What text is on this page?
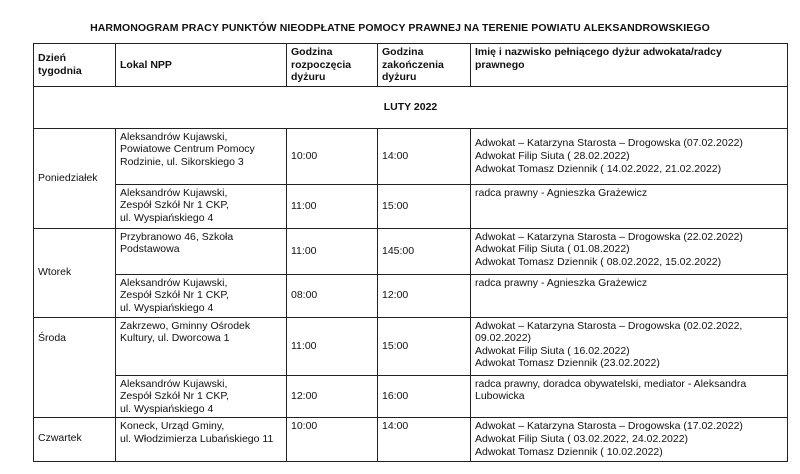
HARMONOGRAM PRACY PUNKTÓW NIEODPŁATNE POMOCY PRAWNEJ NA TERENIE POWIATU ALEKSANDROWSKIEGO
Dzień
tygodnia	Lokal NPP	Godzina
rozpoczęcia
dyżuru	Godzina
zakończenia
dyżuru	Imię i nazwisko pełniącego dyżur adwokata/radcy
prawnego

LUTY 2022				
Poniedziałek	Aleksandrów Kujawski,
Powiatowe Centrum Pomocy
Rodzinie, ul. Sikorskiego 3	10:00	14:00	Adwokat – Katarzyna Starosta – Drogowska (07.02.2022)
Adwokat Filip Siuta ( 28.02.2022)
Adwokat Tomasz Dziennik ( 14.02.2022, 21.02.2022)

	Aleksandrów Kujawski,
Zespół Szkół Nr 1 CKP,
ul. Wyspiańskiego 4	11:00	15:00	radca prawny - Agnieszka Grażewicz

Wtorek	Przybranowo 46, Szkoła
Podstawowa	11:00	145:00	Adwokat – Katarzyna Starosta – Drogowska (22.02.2022)
Adwokat Filip Siuta ( 01.08.2022)
Adwokat Tomasz Dziennik ( 08.02.2022, 15.02.2022)

	Aleksandrów Kujawski,
Zespół Szkół Nr 1 CKP,
ul. Wyspiańskiego 4	08:00	12:00	radca prawny - Agnieszka Grażewicz

Środa	Zakrzewo, Gminny Ośrodek
Kultury, ul. Dworcowa 1	11:00	15:00	Adwokat – Katarzyna Starosta – Drogowska (02.02.2022,
09.02.2022)
Adwokat Filip Siuta ( 16.02.2022)
Adwokat Tomasz Dziennik (23.02.2022)

	Aleksandrów Kujawski,
Zespół Szkół Nr 1 CKP,
ul. Wyspiańskiego 4	12:00	16:00	radca prawny, doradca obywatelski, mediator - Aleksandra
Lubowicka

Czwartek	Koneck, Urząd Gminy,
ul. Włodzimierza Lubańskiego 11	10:00	14:00	Adwokat – Katarzyna Starosta – Drogowska (17.02.2022)
Adwokat Filip Siuta ( 03.02.2022, 24.02.2022)
Adwokat Tomasz Dziennik ( 10.02.2022)
